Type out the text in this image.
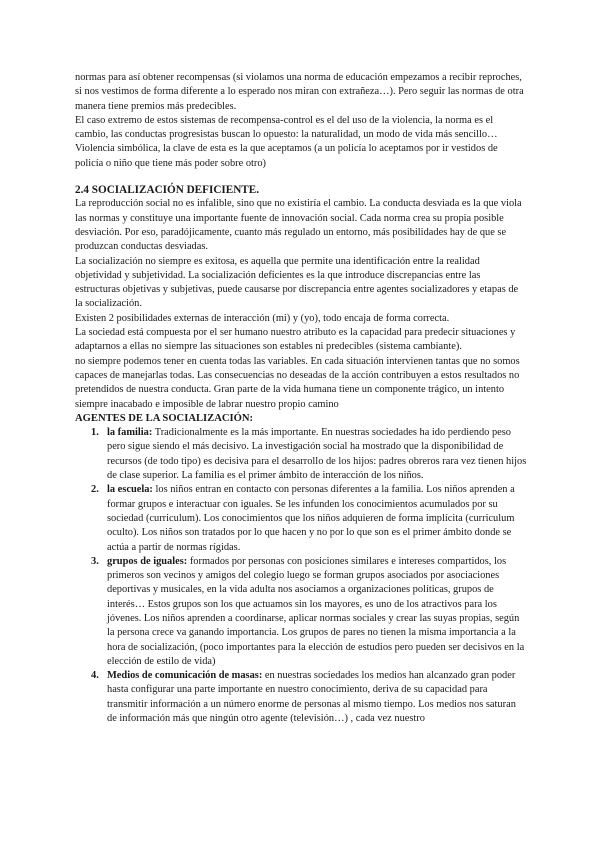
normas para así obtener recompensas (si violamos una norma de educación empezamos a recibir reproches, si nos vestimos de forma diferente a lo esperado nos miran con extrañeza…). Pero seguir las normas de otra manera tiene premios más predecibles.

El caso extremo de estos sistemas de recompensa-control es el del uso de la violencia, la norma es el cambio, las conductas progresistas buscan lo opuesto: la naturalidad, un modo de vida más sencillo… Violencia simbólica, la clave de esta es la que aceptamos (a un policía lo aceptamos por ir vestidos de policía o niño que tiene más poder sobre otro)

2.4 SOCIALIZACIÓN DEFICIENTE.

La reproducción social no es infalible, sino que no existiría el cambio. La conducta desviada es la que viola las normas y constituye una importante fuente de innovación social. Cada norma crea su propia posible desviación. Por eso, paradójicamente, cuanto más regulado un entorno, más posibilidades hay de que se produzcan conductas desviadas.

La socialización no siempre es exitosa, es aquella que permite una identificación entre la realidad objetividad y subjetividad. La socialización deficientes es la que introduce discrepancias entre las estructuras objetivas y subjetivas, puede causarse por discrepancia entre agentes socializadores y etapas de la socialización.

Existen 2 posibilidades externas de interacción (mi) y (yo), todo encaja de forma correcta.

La sociedad está compuesta por el ser humano nuestro atributo es la capacidad para predecir situaciones y adaptarnos a ellas no siempre las situaciones son estables ni predecibles (sistema cambiante).

no siempre podemos tener en cuenta todas las variables. En cada situación intervienen tantas que no somos capaces de manejarlas todas. Las consecuencias no deseadas de la acción contribuyen a estos resultados no pretendidos de nuestra conducta. Gran parte de la vida humana tiene un componente trágico, un intento siempre inacabado e imposible de labrar nuestro propio camino

AGENTES DE LA SOCIALIZACIÓN:

1. la familia: Tradicionalmente es la más importante. En nuestras sociedades ha ido perdiendo peso pero sigue siendo el más decisivo. La investigación social ha mostrado que la disponibilidad de recursos (de todo tipo) es decisiva para el desarrollo de los hijos: padres obreros rara vez tienen hijos de clase superior. La familia es el primer ámbito de interacción de los niños.
2. la escuela: los niños entran en contacto con personas diferentes a la familia. Los niños aprenden a formar grupos e interactuar con iguales. Se les infunden los conocimientos acumulados por su sociedad (curriculum). Los conocimientos que los niños adquieren de forma implícita (curriculum oculto). Los niños son tratados por lo que hacen y no por lo que son es el primer ámbito donde se actúa a partir de normas rígidas.
3. grupos de iguales: formados por personas con posiciones similares e intereses compartidos, los primeros son vecinos y amigos del colegio luego se forman grupos asociados por asociaciones deportivas y musicales, en la vida adulta nos asociamos a organizaciones políticas, grupos de interés… Estos grupos son los que actuamos sin los mayores, es uno de los atractivos para los jóvenes. Los niños aprenden a coordinarse, aplicar normas sociales y crear las suyas propias, según la persona crece va ganando importancia. Los grupos de pares no tienen la misma importancia a la hora de socialización, (poco importantes para la elección de estudios pero pueden ser decisivos en la elección de estilo de vida)
4. Medios de comunicación de masas: en nuestras sociedades los medios han alcanzado gran poder hasta configurar una parte importante en nuestro conocimiento, deriva de su capacidad para transmitir información a un número enorme de personas al mismo tiempo. Los medios nos saturan de información más que ningún otro agente (televisión…) , cada vez nuestro
